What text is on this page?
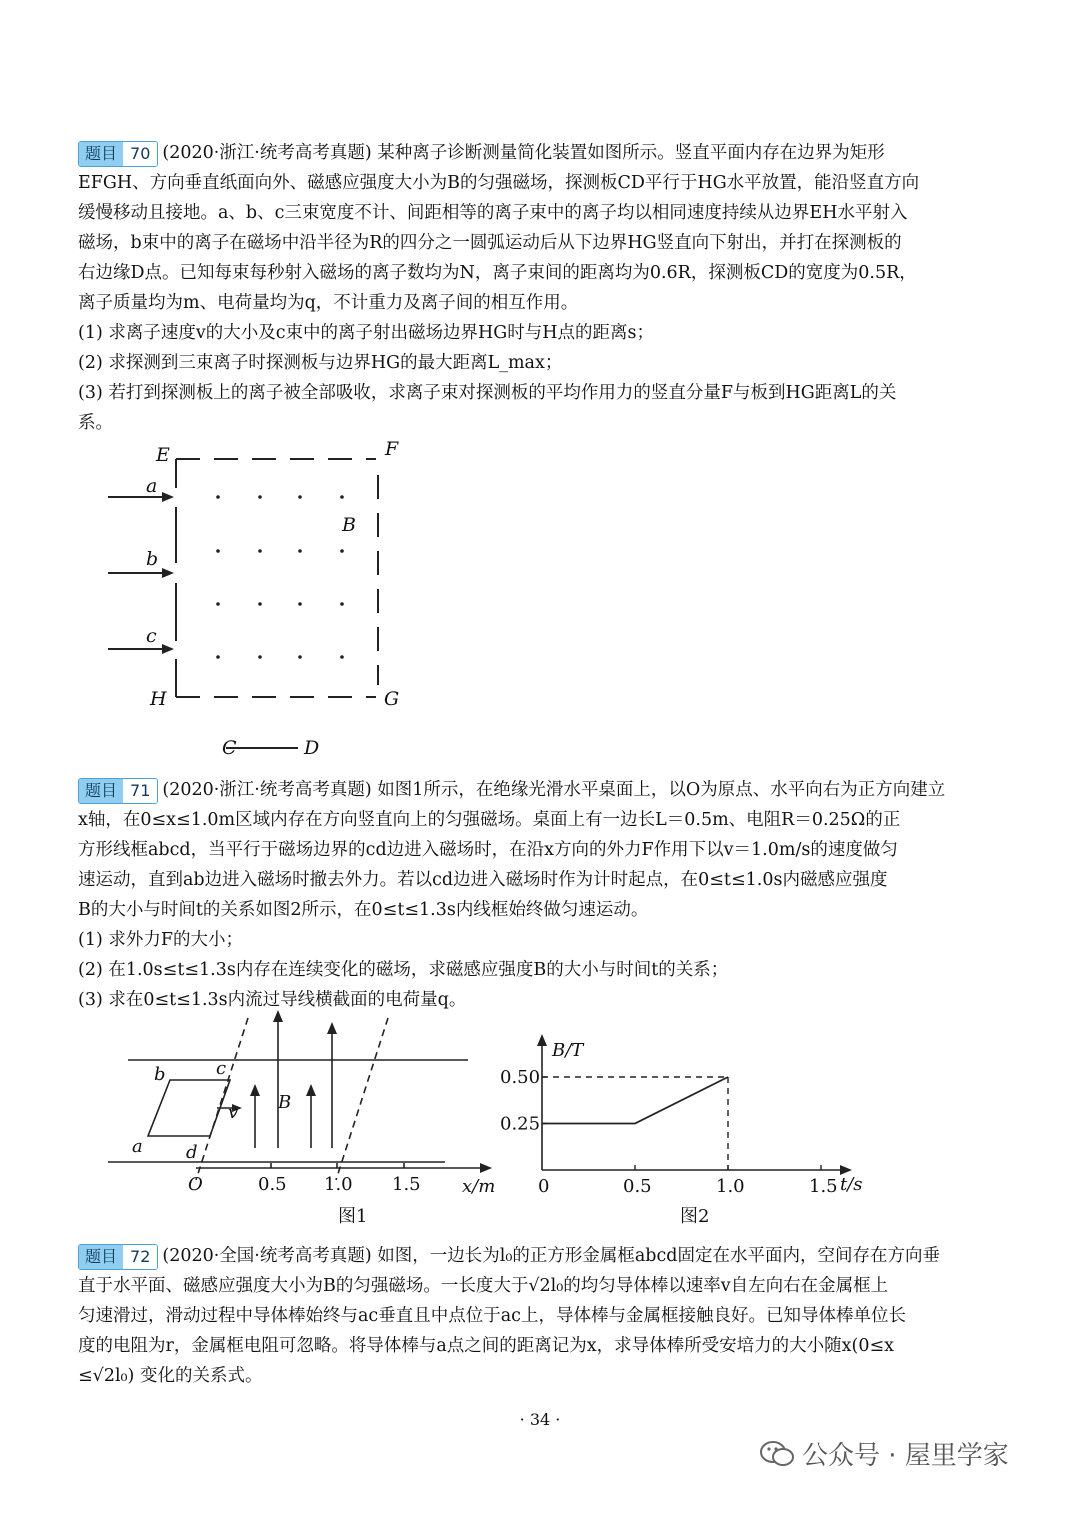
题目 70 (2020·浙江·统考高考真题) 某种离子诊断测量简化装置如图所示。竖直平面内存在边界为矩形
EFGH、方向垂直纸面向外、磁感应强度大小为B的匀强磁场，探测板CD平行于HG水平放置，能沿竖直方向
缓慢移动且接地。a、b、c三束宽度不计、间距相等的离子束中的离子均以相同速度持续从边界EH水平射入
磁场，b束中的离子在磁场中沿半径为R的四分之一圆弧运动后从下边界HG竖直向下射出，并打在探测板的
右边缘D点。已知每束每秒射入磁场的离子数均为N，离子束间的距离均为0.6R，探测板CD的宽度为0.5R，
离子质量均为m、电荷量均为q，不计重力及离子间的相互作用。
(1) 求离子速度v的大小及c束中的离子射出磁场边界HG时与H点的距离s；
(2) 求探测到三束离子时探测板与边界HG的最大距离L_max；
(3) 若打到探测板上的离子被全部吸收，求离子束对探测板的平均作用力的竖直分量F与板到HG距离L的关
系。
E	F
G
H
a
b
c
B
C	D
题目 71 (2020·浙江·统考高考真题) 如图1所示，在绝缘光滑水平桌面上，以O为原点、水平向右为正方向建立
x轴，在0≤x≤1.0m区域内存在方向竖直向上的匀强磁场。桌面上有一边长L＝0.5m、电阻R＝0.25Ω的正
方形线框abcd，当平行于磁场边界的cd边进入磁场时，在沿x方向的外力F作用下以v＝1.0m/s的速度做匀
速运动，直到ab边进入磁场时撤去外力。若以cd边进入磁场时作为计时起点，在0≤t≤1.0s内磁感应强度
B的大小与时间t的关系如图2所示，在0≤t≤1.3s内线框始终做匀速运动。
(1) 求外力F的大小；
(2) 在1.0s≤t≤1.3s内存在连续变化的磁场，求磁感应强度B的大小与时间t的关系；
(3) 求在0≤t≤1.3s内流过导线横截面的电荷量q。
b	c
a d
v B
O	0.5 1.0 1.5 x/m
图1
0	0.5	1.0	1.5
0.25
0.50
B/T
t/s
图2
题目 72 (2020·全国·统考高考真题) 如图，一边长为l₀的正方形金属框abcd固定在水平面内，空间存在方向垂
直于水平面、磁感应强度大小为B的匀强磁场。一长度大于√2l₀的均匀导体棒以速率v自左向右在金属框上
匀速滑过，滑动过程中导体棒始终与ac垂直且中点位于ac上，导体棒与金属框接触良好。已知导体棒单位长
度的电阻为r，金属框电阻可忽略。将导体棒与a点之间的距离记为x，求导体棒所受安培力的大小随x(0≤x
≤√2l₀) 变化的关系式。
· 34 ·
公众号 · 屋里学家
